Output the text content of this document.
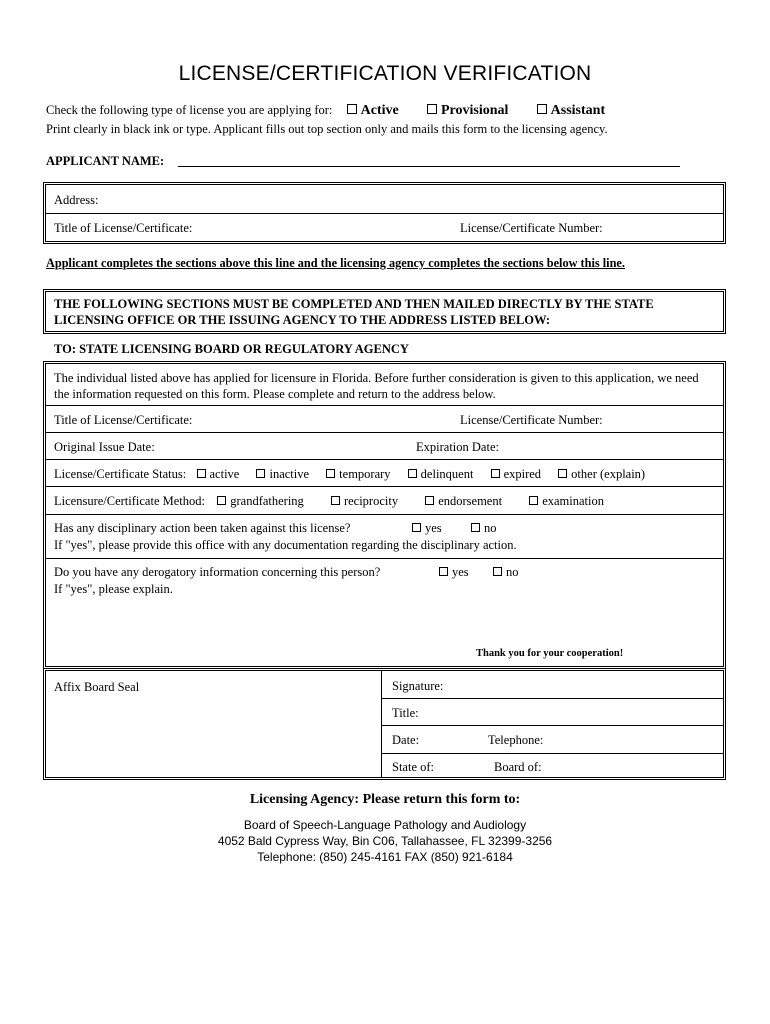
LICENSE/CERTIFICATION VERIFICATION
Check the following type of license you are applying for: Active	Provisional	Assistant
Print clearly in black ink or type. Applicant fills out top section only and mails this form to the licensing agency.
APPLICANT NAME:
Address:
Title of License/Certificate:	License/Certificate Number:
Applicant completes the sections above this line and the licensing agency completes the sections below this line.
THE FOLLOWING SECTIONS MUST BE COMPLETED AND THEN MAILED DIRECTLY BY THE STATE LICENSING OFFICE OR THE ISSUING AGENCY TO THE ADDRESS LISTED BELOW:
TO: STATE LICENSING BOARD OR REGULATORY AGENCY
The individual listed above has applied for licensure in Florida. Before further consideration is given to this application, we need the information requested on this form. Please complete and return to the address below.
Title of License/Certificate:	License/Certificate Number:
Original Issue Date:	Expiration Date:
License/Certificate Status: active inactive temporary delinquent expired other (explain)
Licensure/Certificate Method: grandfathering	reciprocity	endorsement	examination
Has any disciplinary action been taken against this license?	yes	no
If "yes", please provide this office with any documentation regarding the disciplinary action.
Do you have any derogatory information concerning this person?	yes	no
If "yes", please explain.
Thank you for your cooperation!
Affix Board Seal	Signature:
Title:
Date:	Telephone:
State of:	Board of:
Licensing Agency: Please return this form to:
Board of Speech-Language Pathology and Audiology
4052 Bald Cypress Way, Bin C06, Tallahassee, FL 32399-3256
Telephone: (850) 245-4161 FAX (850) 921-6184
